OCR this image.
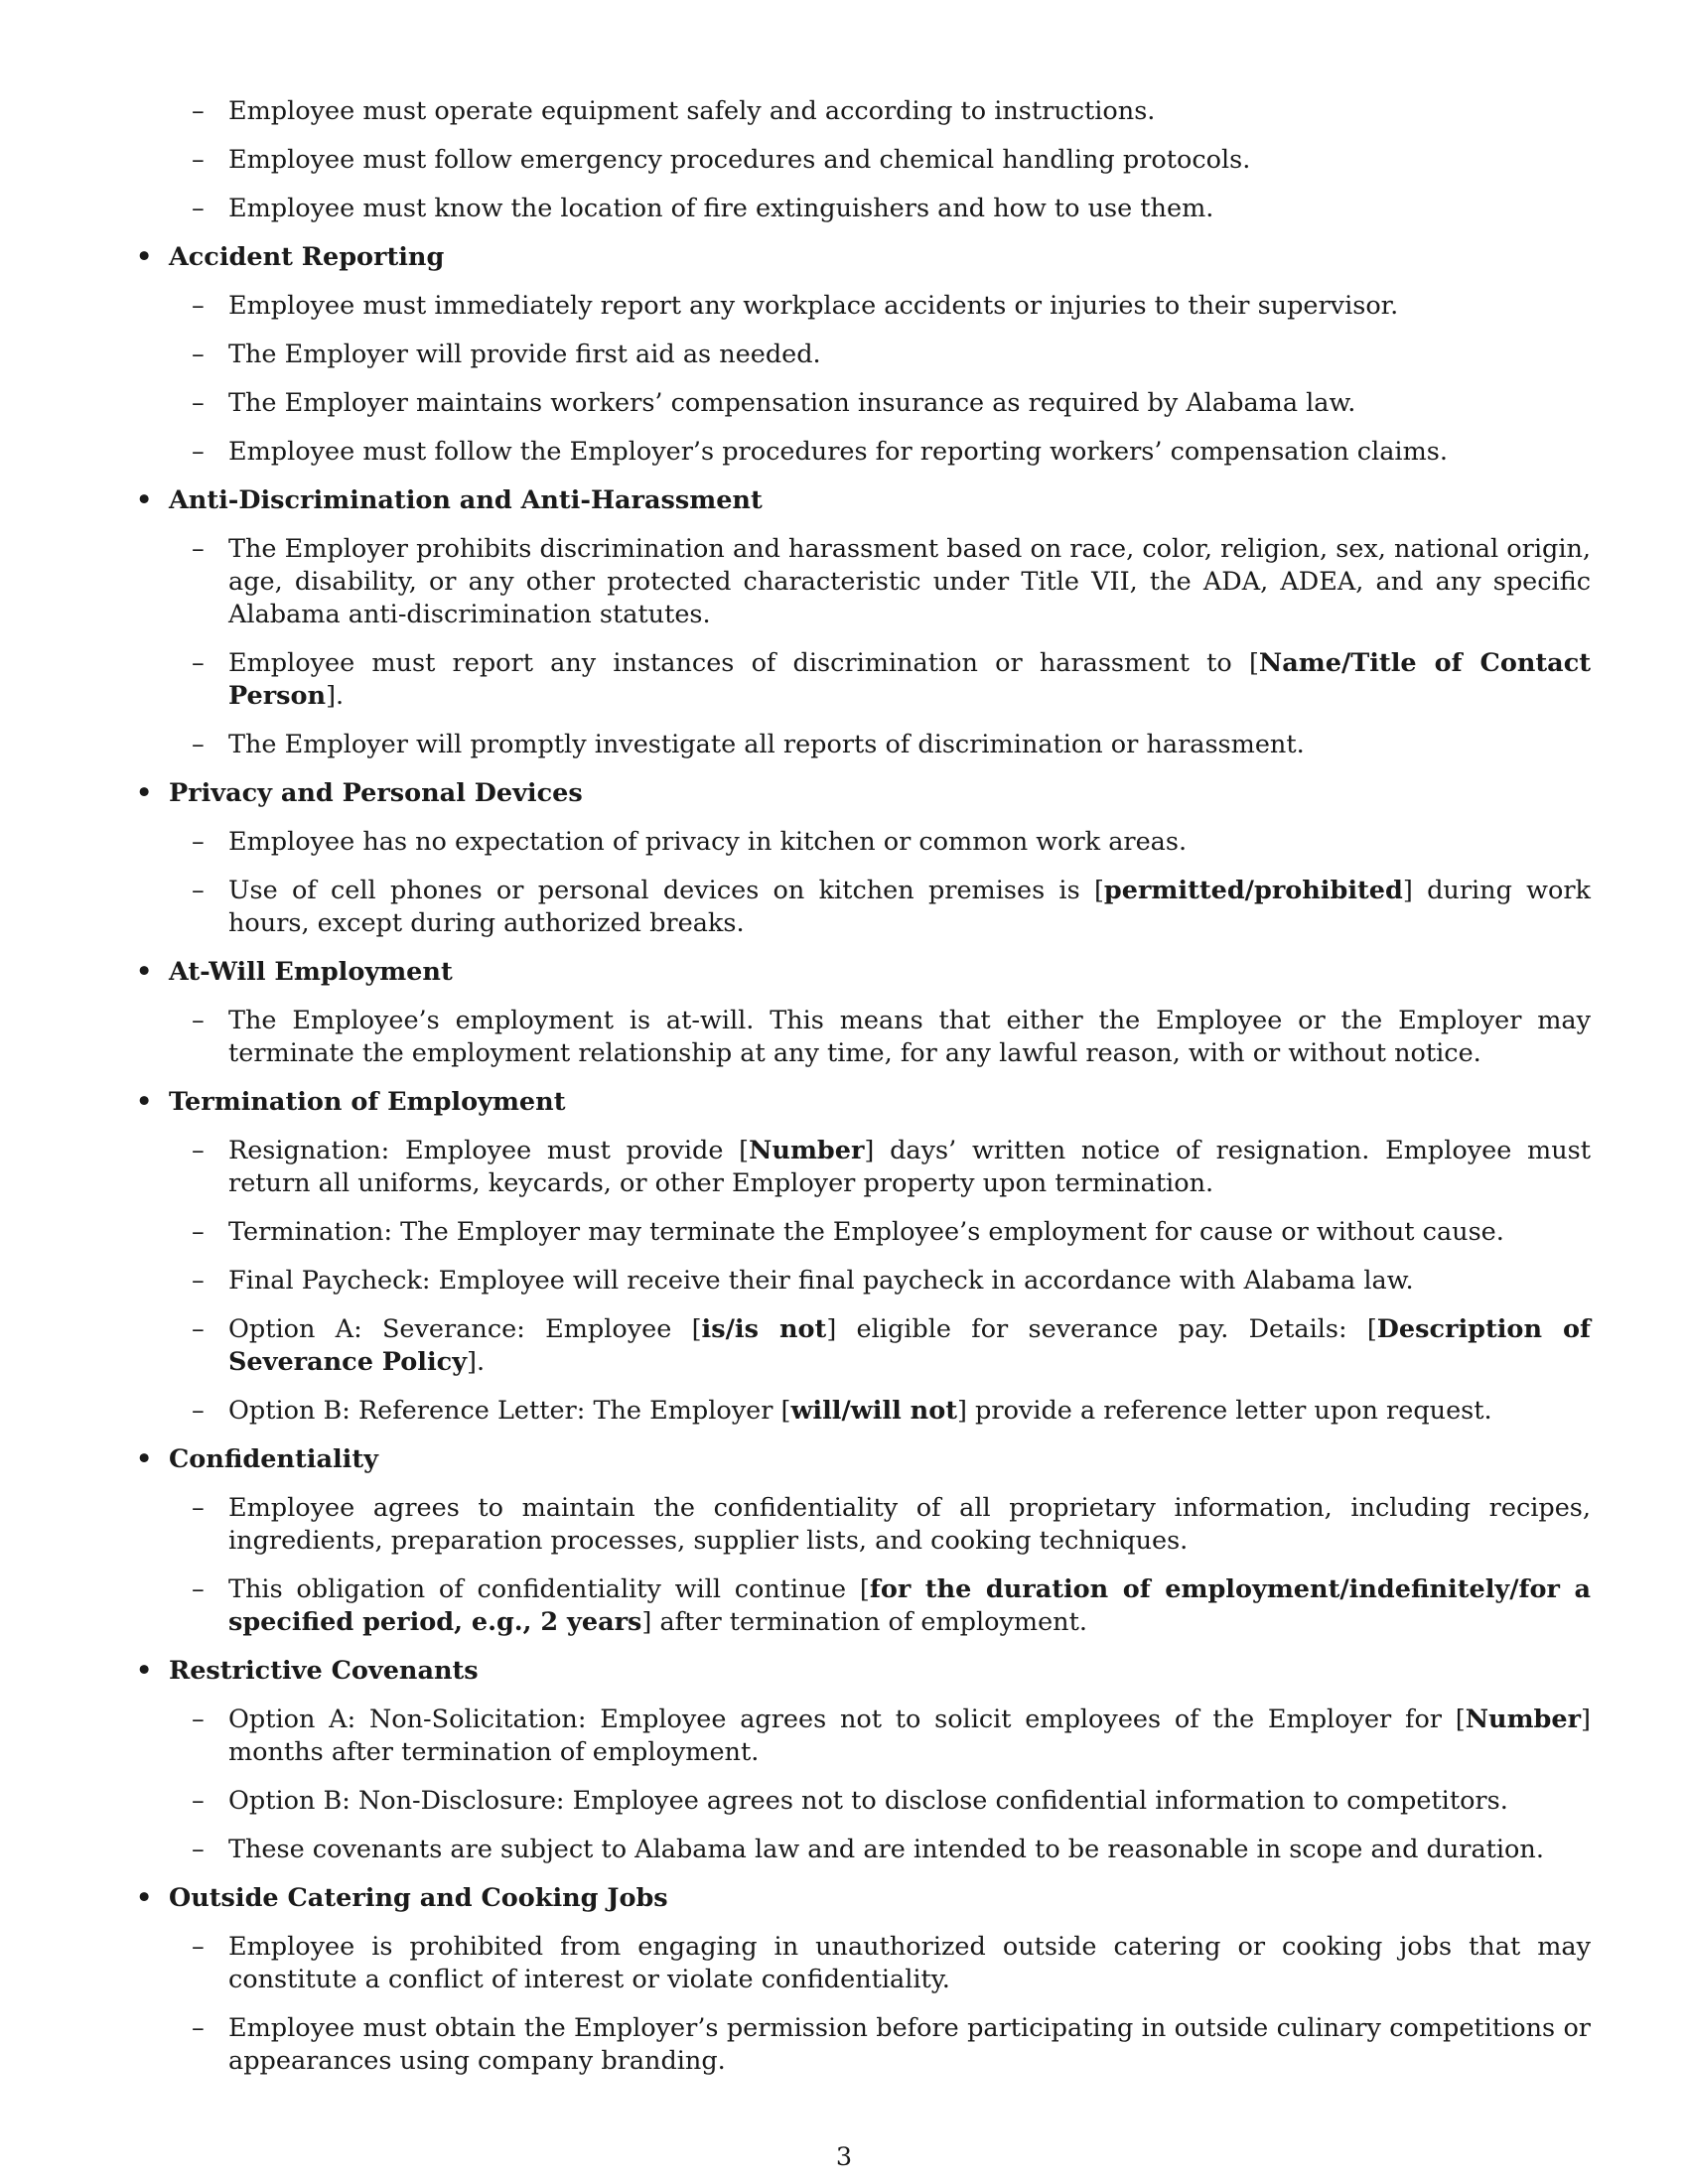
– Employee must operate equipment safely and according to instructions.
– Employee must follow emergency procedures and chemical handling protocols.
– Employee must know the location of fire extinguishers and how to use them.
• Accident Reporting
– Employee must immediately report any workplace accidents or injuries to their supervisor.
– The Employer will provide first aid as needed.
– The Employer maintains workers’ compensation insurance as required by Alabama law.
– Employee must follow the Employer’s procedures for reporting workers’ compensation claims.
• Anti-Discrimination and Anti-Harassment
– The Employer prohibits discrimination and harassment based on race, color, religion, sex, national origin, age, disability, or any other protected characteristic under Title VII, the ADA, ADEA, and any specific Alabama anti-discrimination statutes.
– Employee must report any instances of discrimination or harassment to [Name/Title of Contact Person].
– The Employer will promptly investigate all reports of discrimination or harassment.
• Privacy and Personal Devices
– Employee has no expectation of privacy in kitchen or common work areas.
– Use of cell phones or personal devices on kitchen premises is [permitted/prohibited] during work hours, except during authorized breaks.
• At-Will Employment
– The Employee’s employment is at-will. This means that either the Employee or the Employer may terminate the employment relationship at any time, for any lawful reason, with or without notice.
• Termination of Employment
– Resignation: Employee must provide [Number] days’ written notice of resignation. Employee must return all uniforms, keycards, or other Employer property upon termination.
– Termination: The Employer may terminate the Employee’s employment for cause or without cause.
– Final Paycheck: Employee will receive their final paycheck in accordance with Alabama law.
– Option A: Severance: Employee [is/is not] eligible for severance pay. Details: [Description of Severance Policy].
– Option B: Reference Letter: The Employer [will/will not] provide a reference letter upon request.
• Confidentiality
– Employee agrees to maintain the confidentiality of all proprietary information, including recipes, ingredients, preparation processes, supplier lists, and cooking techniques.
– This obligation of confidentiality will continue [for the duration of employment/indefinitely/for a specified period, e.g., 2 years] after termination of employment.
• Restrictive Covenants
– Option A: Non-Solicitation: Employee agrees not to solicit employees of the Employer for [Number] months after termination of employment.
– Option B: Non-Disclosure: Employee agrees not to disclose confidential information to competitors.
– These covenants are subject to Alabama law and are intended to be reasonable in scope and duration.
• Outside Catering and Cooking Jobs
– Employee is prohibited from engaging in unauthorized outside catering or cooking jobs that may constitute a conflict of interest or violate confidentiality.
– Employee must obtain the Employer’s permission before participating in outside culinary competitions or appearances using company branding.
3
